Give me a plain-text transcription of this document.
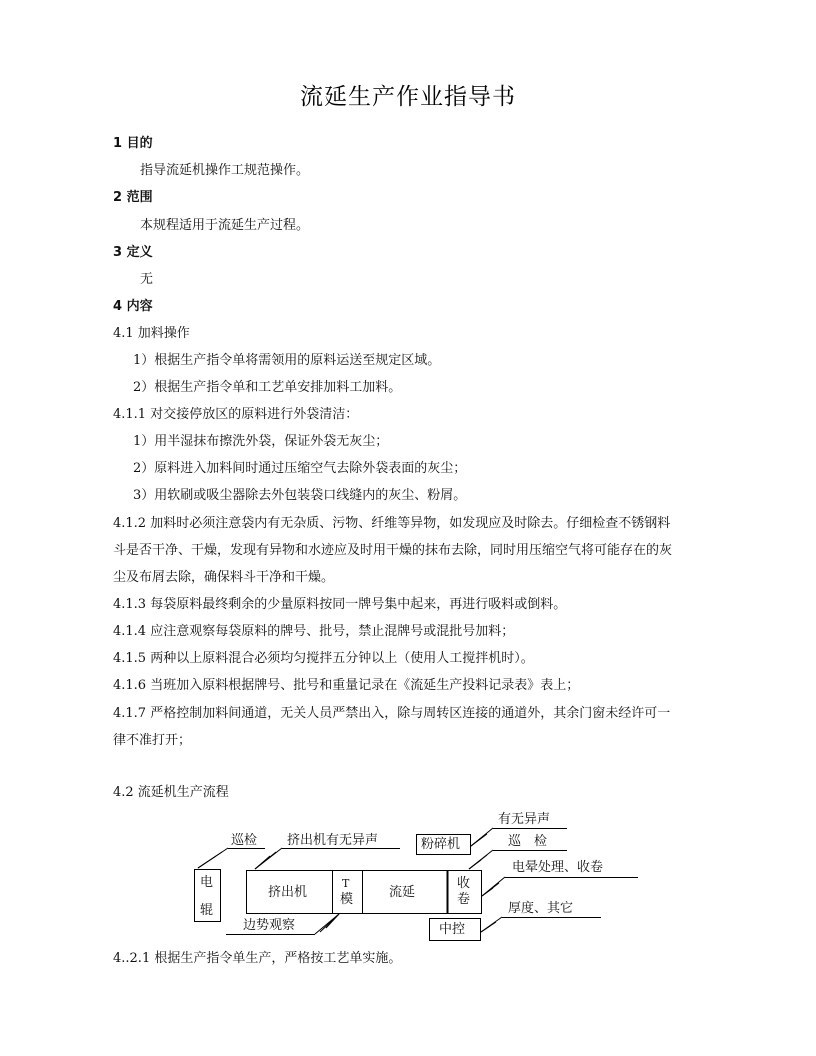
流延生产作业指导书
1 目的
指导流延机操作工规范操作。
2 范围
本规程适用于流延生产过程。
3 定义
无
4 内容
4.1 加料操作
1）根据生产指令单将需领用的原料运送至规定区域。
2）根据生产指令单和工艺单安排加料工加料。
4.1.1 对交接停放区的原料进行外袋清洁：
1）用半湿抹布擦洗外袋，保证外袋无灰尘；
2）原料进入加料间时通过压缩空气去除外袋表面的灰尘；
3）用软刷或吸尘器除去外包装袋口线缝内的灰尘、粉屑。
4.1.2 加料时必须注意袋内有无杂质、污物、纤维等异物，如发现应及时除去。仔细检查不锈钢料
斗是否干净、干燥，发现有异物和水迹应及时用干燥的抹布去除，同时用压缩空气将可能存在的灰
尘及布屑去除，确保料斗干净和干燥。
4.1.3 每袋原料最终剩余的少量原料按同一牌号集中起来，再进行吸料或倒料。
4.1.4 应注意观察每袋原料的牌号、批号，禁止混牌号或混批号加料；
4.1.5 两种以上原料混合必须均匀搅拌五分钟以上（使用人工搅拌机时）。
4.1.6 当班加入原料根据牌号、批号和重量记录在《流延生产投料记录表》表上；
4.1.7 严格控制加料间通道，无关人员严禁出入，除与周转区连接的通道外，其余门窗未经许可一
律不准打开；
4.2 流延机生产流程
电
辊
挤出机
T
模	流延
收
卷
粉碎机
中控
巡检 挤出机有无异声
边势观察
有无异声
巡　检
电晕处理、收卷
厚度、其它
4..2.1 根据生产指令单生产，严格按工艺单实施。
